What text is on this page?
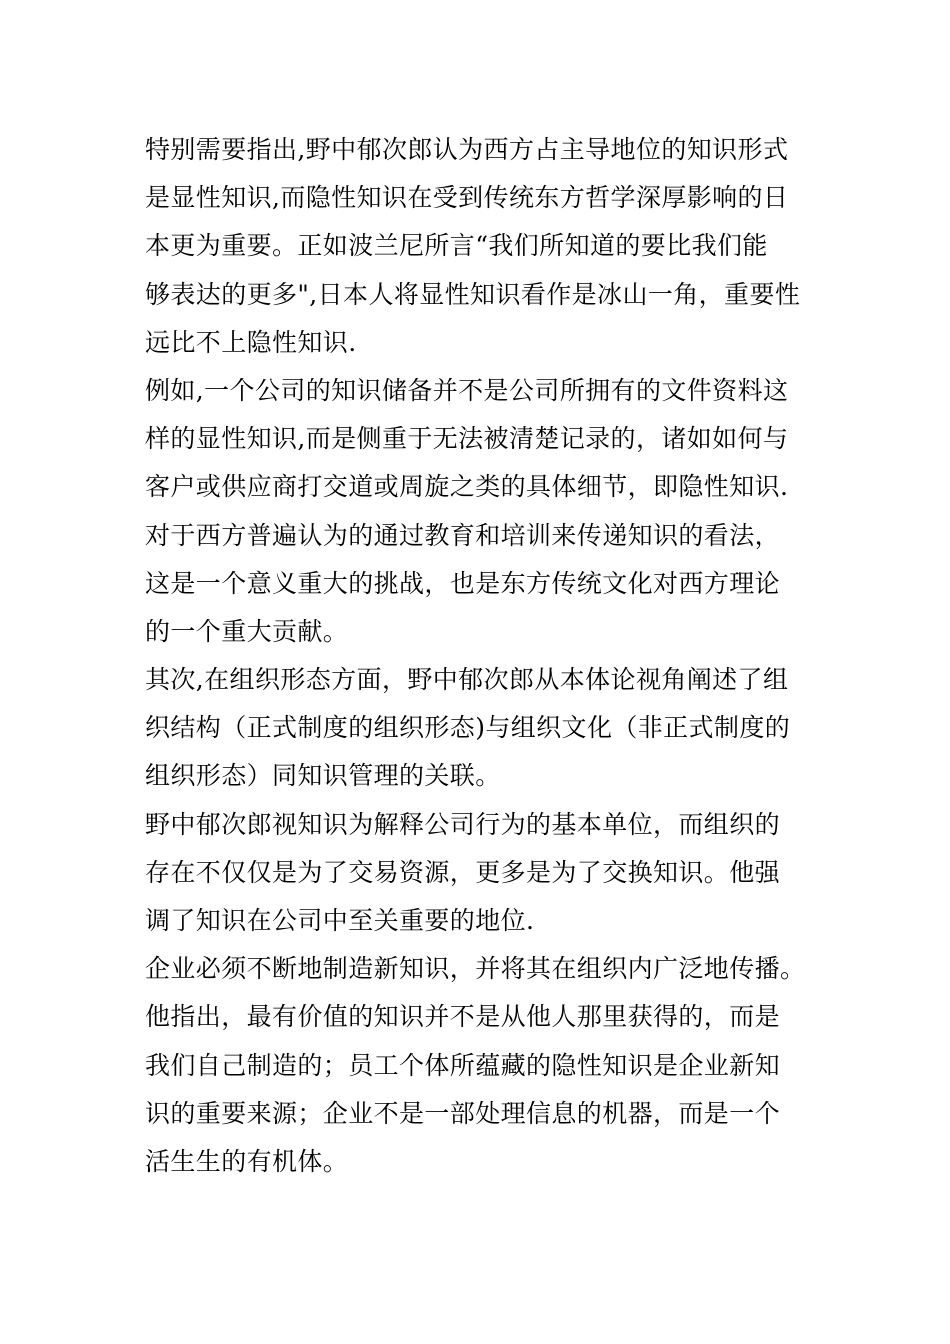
特别需要指出,野中郁次郎认为西方占主导地位的知识形式
是显性知识,而隐性知识在受到传统东方哲学深厚影响的日
本更为重要。正如波兰尼所言“我们所知道的要比我们能
够表达的更多",日本人将显性知识看作是冰山一角，重要性
远比不上隐性知识.
例如,一个公司的知识储备并不是公司所拥有的文件资料这
样的显性知识,而是侧重于无法被清楚记录的，诸如如何与
客户或供应商打交道或周旋之类的具体细节，即隐性知识.
对于西方普遍认为的通过教育和培训来传递知识的看法，
这是一个意义重大的挑战，也是东方传统文化对西方理论
的一个重大贡献。
其次,在组织形态方面，野中郁次郎从本体论视角阐述了组
织结构（正式制度的组织形态)与组织文化（非正式制度的
组织形态）同知识管理的关联。
野中郁次郎视知识为解释公司行为的基本单位，而组织的
存在不仅仅是为了交易资源，更多是为了交换知识。他强
调了知识在公司中至关重要的地位.
企业必须不断地制造新知识，并将其在组织内广泛地传播。
他指出，最有价值的知识并不是从他人那里获得的，而是
我们自己制造的；员工个体所蕴藏的隐性知识是企业新知
识的重要来源；企业不是一部处理信息的机器，而是一个
活生生的有机体。
